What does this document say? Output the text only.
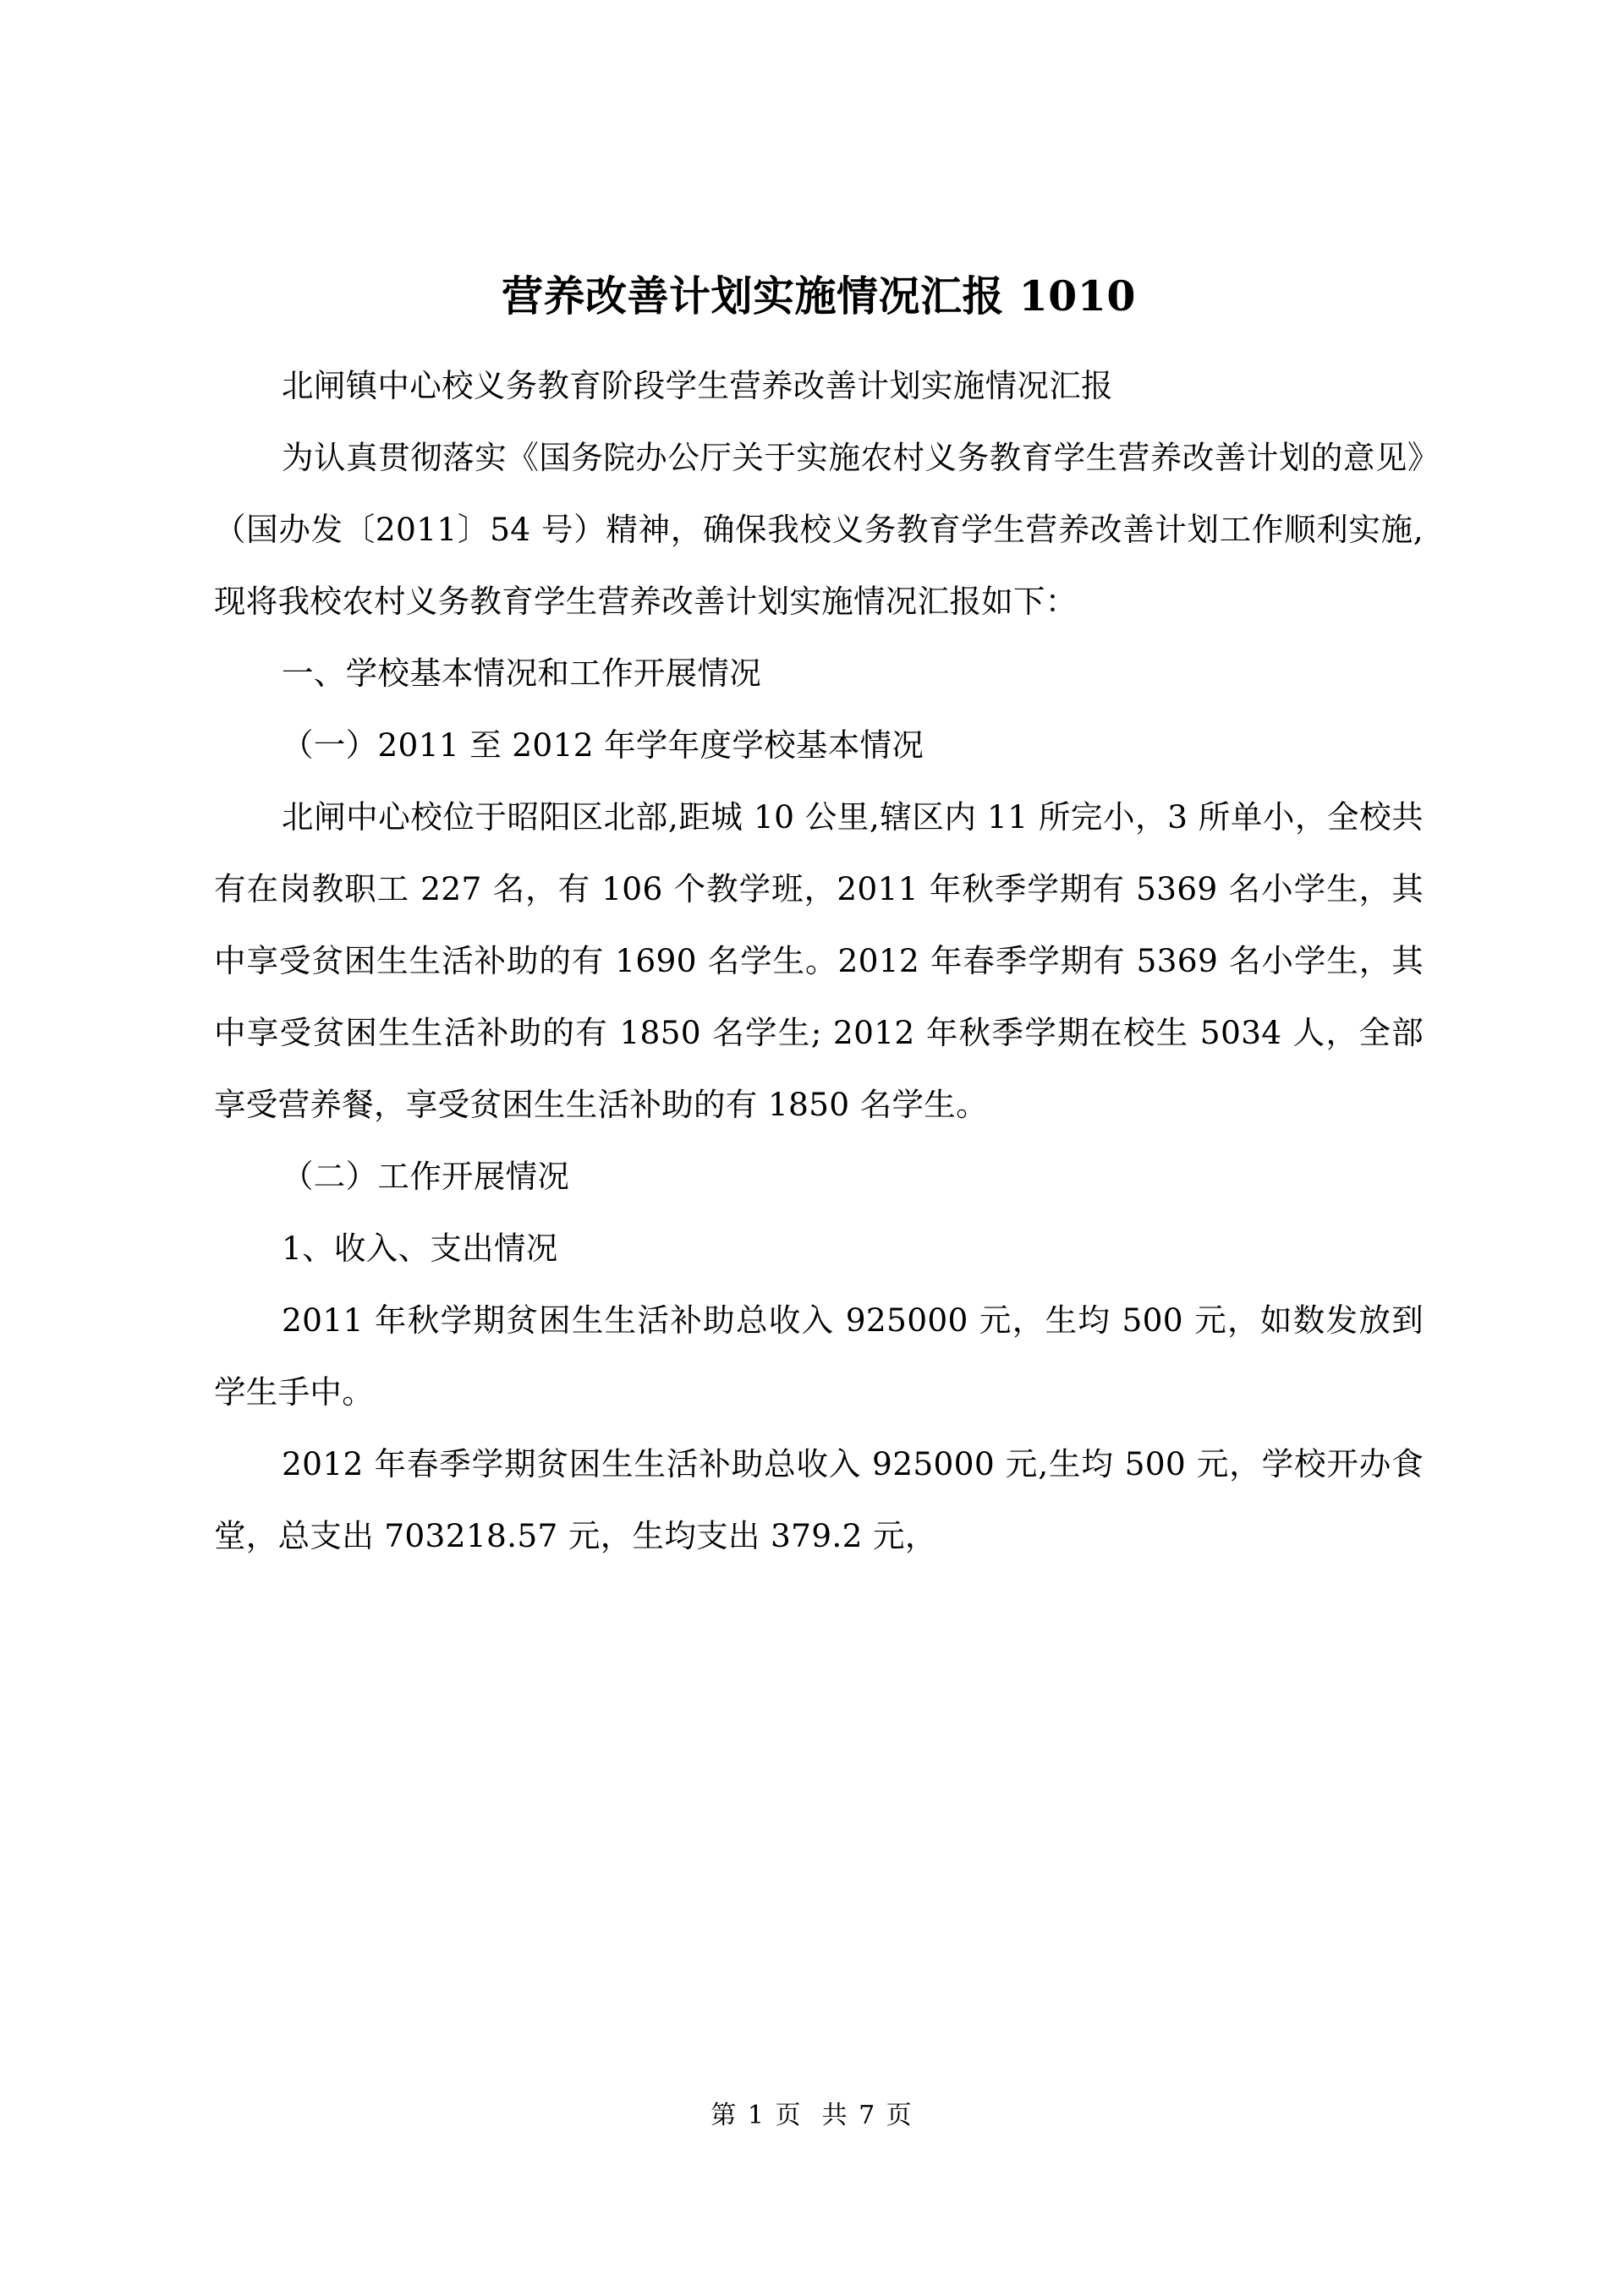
营养改善计划实施情况汇报 1010

北闸镇中心校义务教育阶段学生营养改善计划实施情况汇报

为认真贯彻落实《国务院办公厅关于实施农村义务教育学生营养改善计划的意见》（国办发〔2011〕54 号）精神，确保我校义务教育学生营养改善计划工作顺利实施,现将我校农村义务教育学生营养改善计划实施情况汇报如下：

一、学校基本情况和工作开展情况

（一）2011 至 2012 年学年度学校基本情况

北闸中心校位于昭阳区北部,距城 10 公里,辖区内 11 所完小，3 所单小，全校共有在岗教职工 227 名，有 106 个教学班，2011 年秋季学期有 5369 名小学生，其中享受贫困生生活补助的有 1690 名学生。2012 年春季学期有 5369 名小学生，其中享受贫困生生活补助的有 1850 名学生; 2012 年秋季学期在校生 5034 人，全部享受营养餐，享受贫困生生活补助的有 1850 名学生。

（二）工作开展情况

1、收入、支出情况

2011 年秋学期贫困生生活补助总收入 925000 元，生均 500 元，如数发放到学生手中。

2012 年春季学期贫困生生活补助总收入 925000 元,生均 500 元，学校开办食堂，总支出 703218.57 元，生均支出 379.2 元，

第 1 页  共 7 页
